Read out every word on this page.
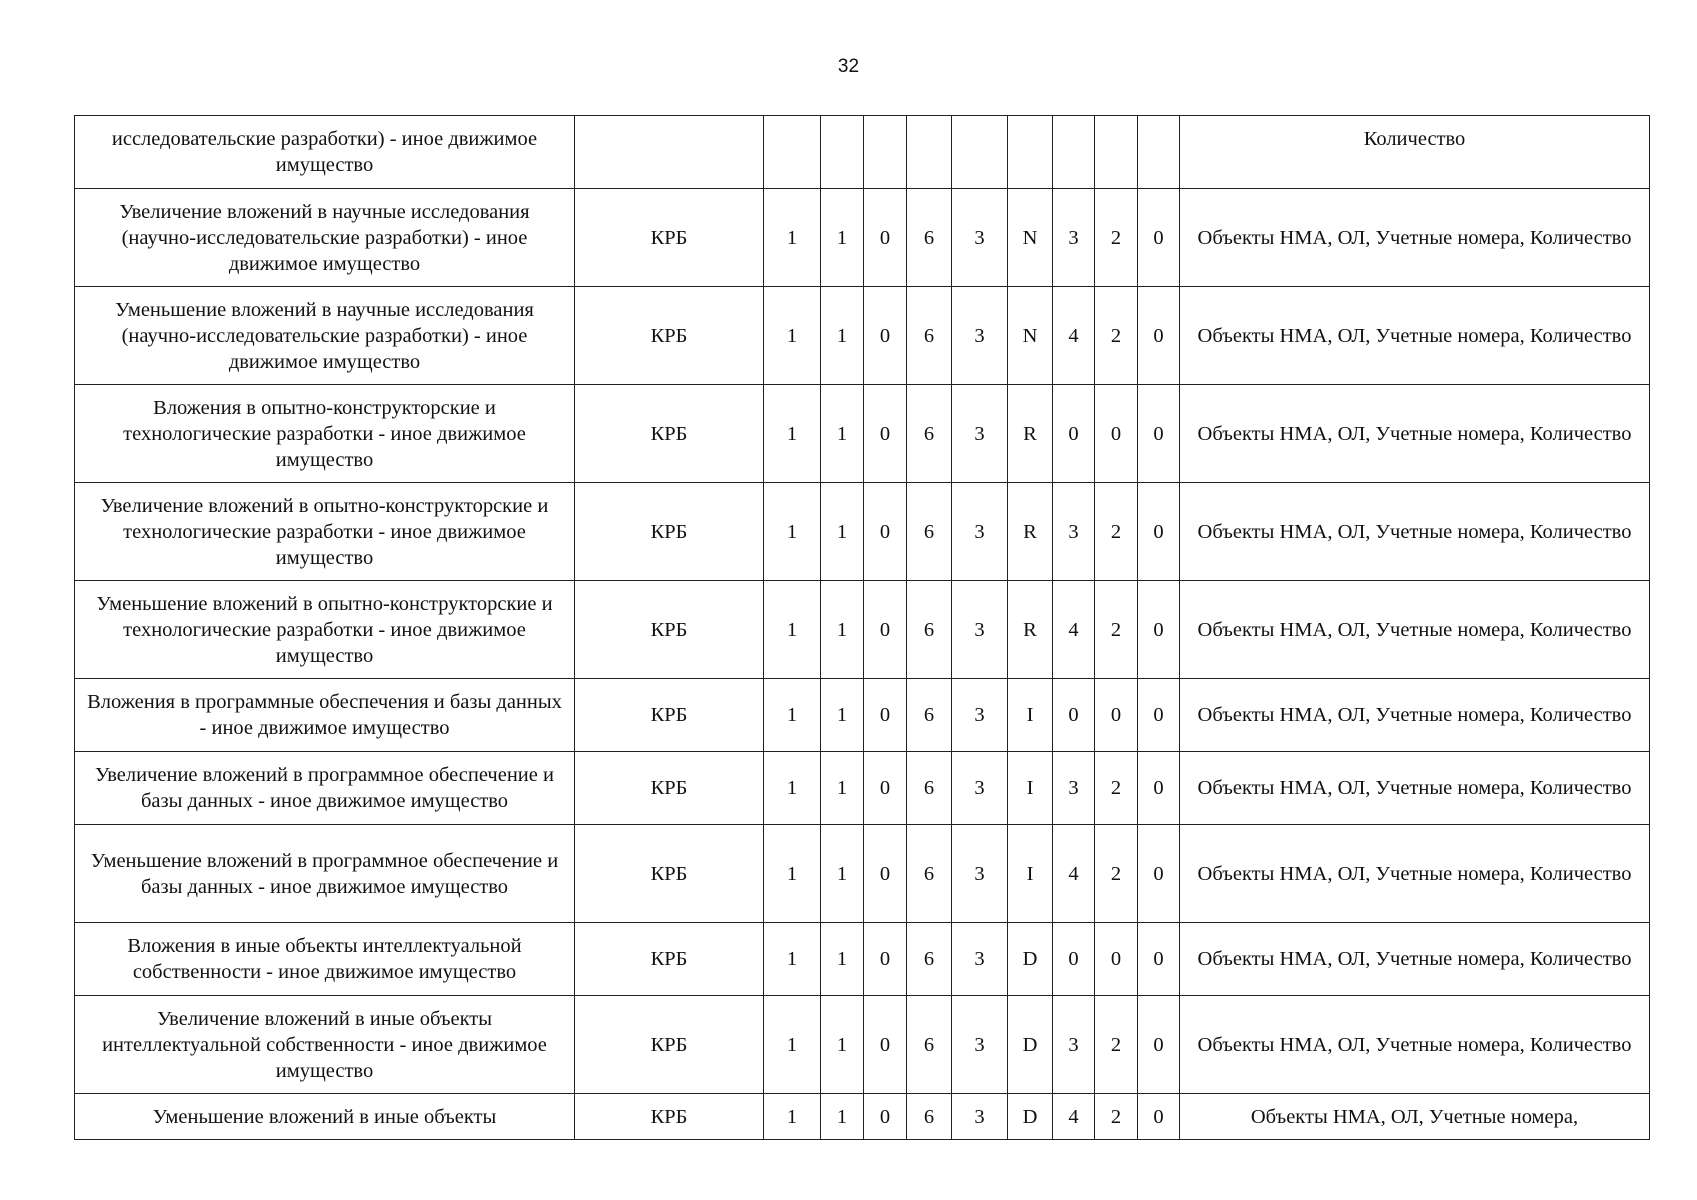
32
исследовательские разработки) - иное движимое имущество											Количество
Увеличение вложений в научные исследования (научно-исследовательские разработки) - иное движимое имущество	КРБ	1	1	0	6	3	N	3	2	0	Объекты НМА, ОЛ, Учетные номера, Количество
Уменьшение вложений в научные исследования (научно-исследовательские разработки) - иное движимое имущество	КРБ	1	1	0	6	3	N	4	2	0	Объекты НМА, ОЛ, Учетные номера, Количество
Вложения в опытно-конструкторские и технологические разработки - иное движимое имущество	КРБ	1	1	0	6	3	R	0	0	0	Объекты НМА, ОЛ, Учетные номера, Количество
Увеличение вложений в опытно-конструкторские и технологические разработки - иное движимое имущество	КРБ	1	1	0	6	3	R	3	2	0	Объекты НМА, ОЛ, Учетные номера, Количество
Уменьшение вложений в опытно-конструкторские и технологические разработки - иное движимое имущество	КРБ	1	1	0	6	3	R	4	2	0	Объекты НМА, ОЛ, Учетные номера, Количество
Вложения в программные обеспечения и базы данных - иное движимое имущество	КРБ	1	1	0	6	3	I	0	0	0	Объекты НМА, ОЛ, Учетные номера, Количество
Увеличение вложений в программное обеспечение и базы данных - иное движимое имущество	КРБ	1	1	0	6	3	I	3	2	0	Объекты НМА, ОЛ, Учетные номера, Количество
Уменьшение вложений в программное обеспечение и базы данных - иное движимое имущество	КРБ	1	1	0	6	3	I	4	2	0	Объекты НМА, ОЛ, Учетные номера, Количество
Вложения в иные объекты интеллектуальной собственности - иное движимое имущество	КРБ	1	1	0	6	3	D	0	0	0	Объекты НМА, ОЛ, Учетные номера, Количество
Увеличение вложений в иные объекты интеллектуальной собственности - иное движимое имущество	КРБ	1	1	0	6	3	D	3	2	0	Объекты НМА, ОЛ, Учетные номера, Количество
Уменьшение вложений в иные объекты	КРБ	1	1	0	6	3	D	4	2	0	Объекты НМА, ОЛ, Учетные номера,
